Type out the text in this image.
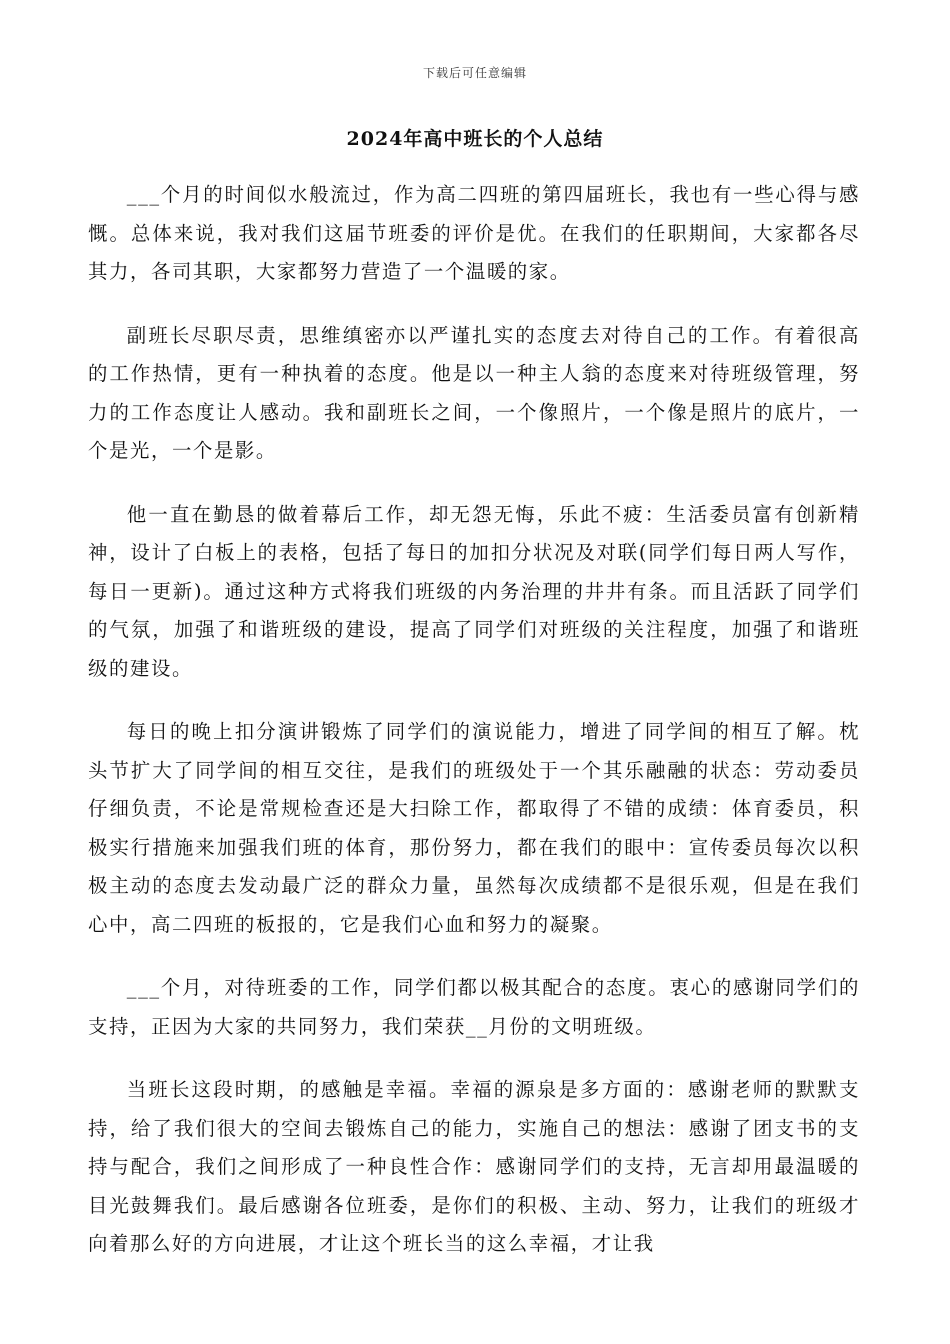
下载后可任意编辑
2024年高中班长的个人总结

___个月的时间似水般流过，作为高二四班的第四届班长，我也有一些心得与感慨。总体来说，我对我们这届节班委的评价是优。在我们的任职期间，大家都各尽其力，各司其职，大家都努力营造了一个温暖的家。

副班长尽职尽责，思维缜密亦以严谨扎实的态度去对待自己的工作。有着很高的工作热情，更有一种执着的态度。他是以一种主人翁的态度来对待班级管理，努力的工作态度让人感动。我和副班长之间，一个像照片，一个像是照片的底片，一个是光，一个是影。

他一直在勤恳的做着幕后工作，却无怨无悔，乐此不疲：生活委员富有创新精神，设计了白板上的表格，包括了每日的加扣分状况及对联(同学们每日两人写作，每日一更新)。通过这种方式将我们班级的内务治理的井井有条。而且活跃了同学们的气氛，加强了和谐班级的建设，提高了同学们对班级的关注程度，加强了和谐班级的建设。

每日的晚上扣分演讲锻炼了同学们的演说能力，增进了同学间的相互了解。枕头节扩大了同学间的相互交往，是我们的班级处于一个其乐融融的状态：劳动委员仔细负责，不论是常规检查还是大扫除工作，都取得了不错的成绩：体育委员，积极实行措施来加强我们班的体育，那份努力，都在我们的眼中：宣传委员每次以积极主动的态度去发动最广泛的群众力量，虽然每次成绩都不是很乐观，但是在我们心中，高二四班的板报的，它是我们心血和努力的凝聚。

___个月，对待班委的工作，同学们都以极其配合的态度。衷心的感谢同学们的支持，正因为大家的共同努力，我们荣获__月份的文明班级。

当班长这段时期，的感触是幸福。幸福的源泉是多方面的：感谢老师的默默支持，给了我们很大的空间去锻炼自己的能力，实施自己的想法：感谢了团支书的支持与配合，我们之间形成了一种良性合作：感谢同学们的支持，无言却用最温暖的目光鼓舞我们。最后感谢各位班委，是你们的积极、主动、努力，让我们的班级才向着那么好的方向进展，才让这个班长当的这么幸福，才让我
